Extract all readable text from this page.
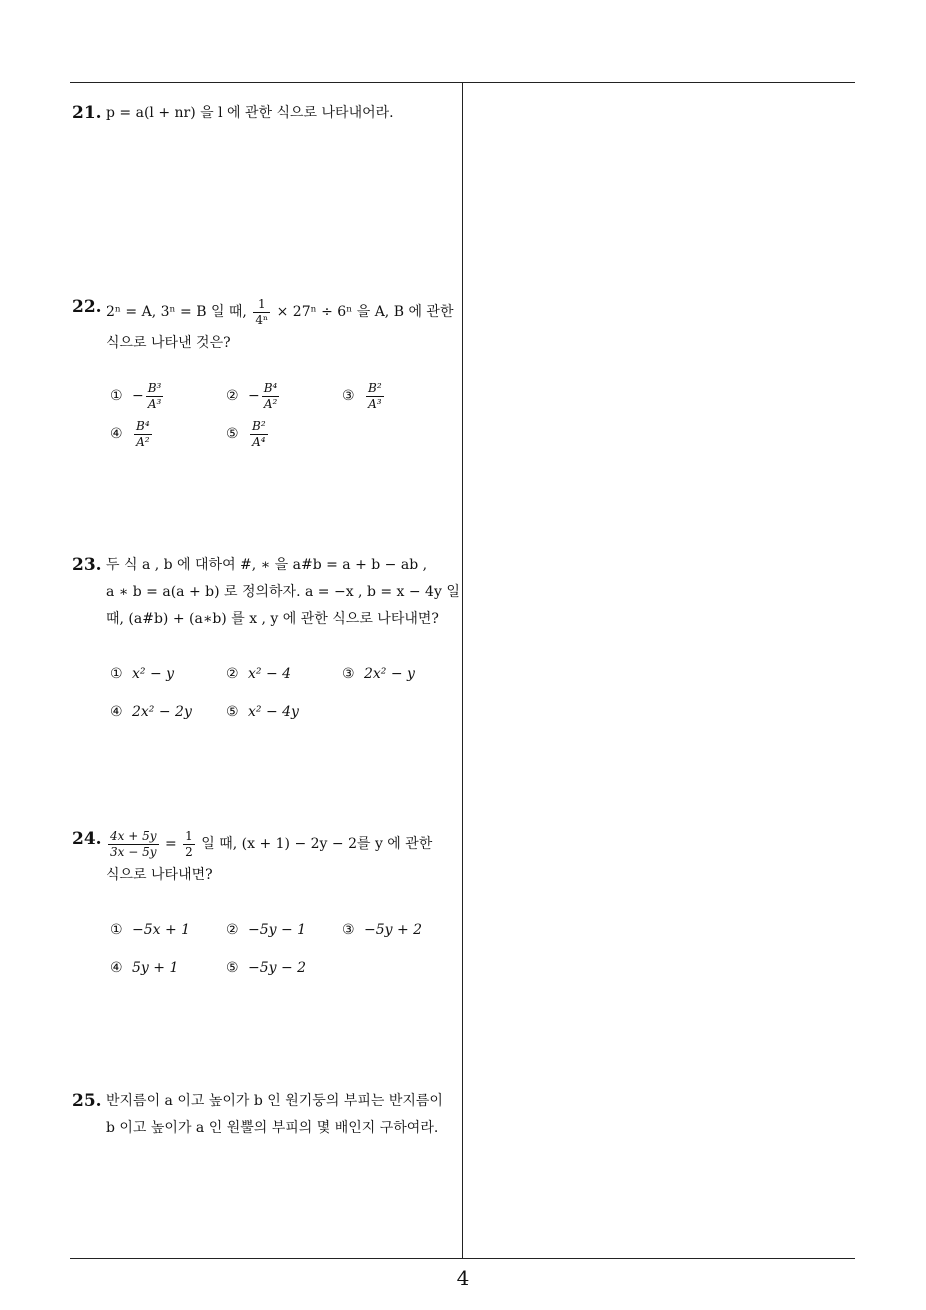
21. p = a(l + nr) 을 l 에 관한 식으로 나타내어라.
22. 2ⁿ = A, 3ⁿ = B 일 때, $\frac{1}{\text{4ⁿ}} \times 27^n \div 6^n$ 을 A, B 에 관한
식으로 나타낸 것은?
① − $\frac{\text{B³}}{\text{A³}}$	② − $\frac{\text{B⁴}}{\text{A²}}$	③ $\frac{\text{B²}}{\text{A³}}$
④ $\frac{\text{B⁴}}{\text{A²}}$	⑤ $\frac{\text{B²}}{\text{A⁴}}$
23. 두 식 a , b 에 대하여 #, ∗ 을 a#b = a + b − ab ,
a ∗ b = a(a + b) 로 정의하자. a = −x , b = x − 4y 일
때, (a#b) + (a∗b) 를 x , y 에 관한 식으로 나타내면?
① x² − y	② x² − 4	③ 2x² − y
④ 2x² − 2y ⑤ x² − 4y
24. $\frac{4x + 5y}{3x - 5y} = \frac{1}{2}$ 일 때, (x + 1) − 2y − 2를 y 에 관한
식으로 나타내면?
① −5x + 1	② −5y − 1	③ −5y + 2
④ 5y + 1	⑤ −5y − 2
25. 반지름이 a 이고 높이가 b 인 원기둥의 부피는 반지름이
b 이고 높이가 a 인 원뿔의 부피의 몇 배인지 구하여라.
4
